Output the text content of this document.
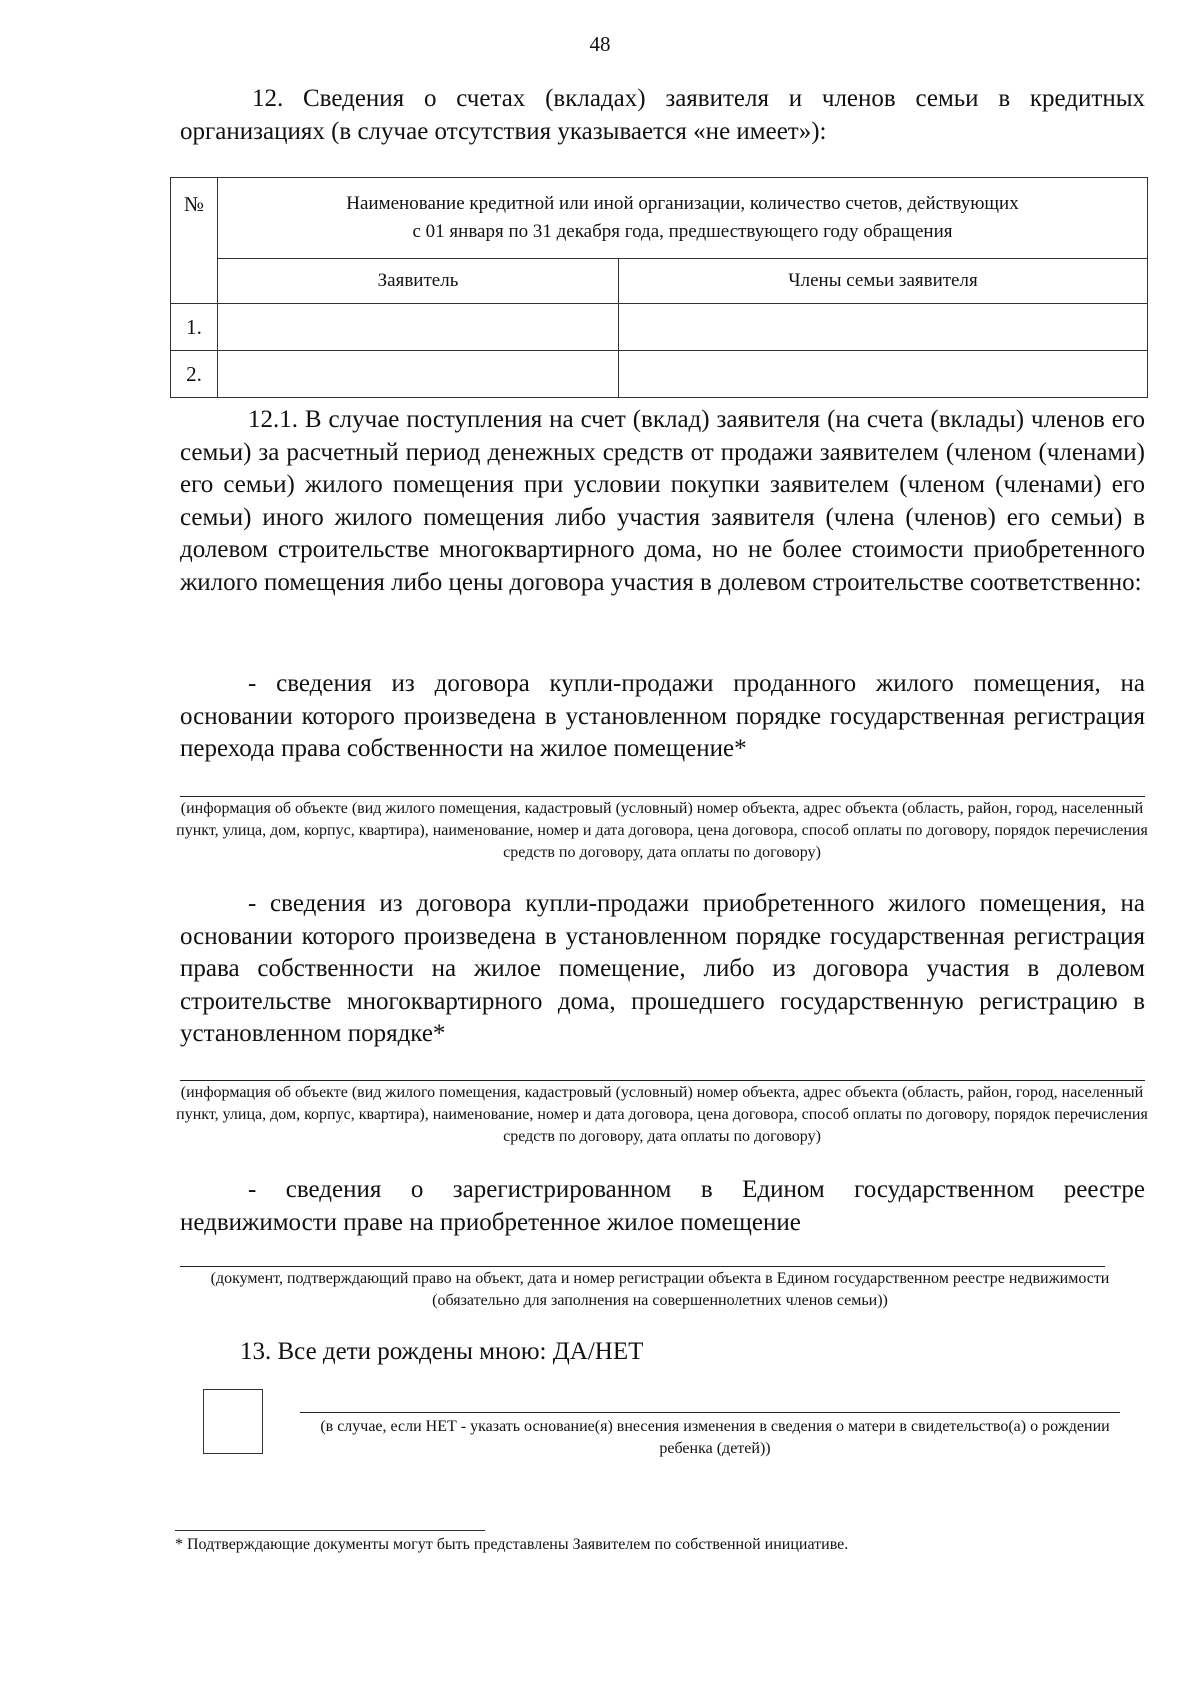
48

12. Сведения о счетах (вкладах) заявителя и членов семьи в кредитных организациях (в случае отсутствия указывается «не имеет»):

№	Наименование кредитной или иной организации, количество счетов, действующих
с 01 января по 31 декабря года, предшествующего году обращения	
	Заявитель	Члены семьи заявителя
1.		
2.		

12.1. В случае поступления на счет (вклад) заявителя (на счета (вклады) членов его семьи) за расчетный период денежных средств от продажи заявителем (членом (членами) его семьи) жилого помещения при условии покупки заявителем (членом (членами) его семьи) иного жилого помещения либо участия заявителя (члена (членов) его семьи) в долевом строительстве многоквартирного дома, но не более стоимости приобретенного жилого помещения либо цены договора участия в долевом строительстве соответственно:

- сведения из договора купли-продажи проданного жилого помещения, на основании которого произведена в установленном порядке государственная регистрация перехода права собственности на жилое помещение*

(информация об объекте (вид жилого помещения, кадастровый (условный) номер объекта, адрес объекта (область, район, город, населенный пункт, улица, дом, корпус, квартира), наименование, номер и дата договора, цена договора, способ оплаты по договору, порядок перечисления средств по договору, дата оплаты по договору)

- сведения из договора купли-продажи приобретенного жилого помещения, на основании которого произведена в установленном порядке государственная регистрация права собственности на жилое помещение, либо из договора участия в долевом строительстве многоквартирного дома, прошедшего государственную регистрацию в установленном порядке*

(информация об объекте (вид жилого помещения, кадастровый (условный) номер объекта, адрес объекта (область, район, город, населенный пункт, улица, дом, корпус, квартира), наименование, номер и дата договора, цена договора, способ оплаты по договору, порядок перечисления средств по договору, дата оплаты по договору)

- сведения о зарегистрированном в Едином государственном реестре недвижимости праве на приобретенное жилое помещение

(документ, подтверждающий право на объект, дата и номер регистрации объекта в Едином государственном реестре недвижимости (обязательно для заполнения на совершеннолетних членов семьи))

13. Все дети рождены мною: ДА/НЕТ

(в случае, если НЕТ - указать основание(я) внесения изменения в сведения о матери в свидетельство(а) о рождении ребенка (детей))

* Подтверждающие документы могут быть представлены Заявителем по собственной инициативе.
